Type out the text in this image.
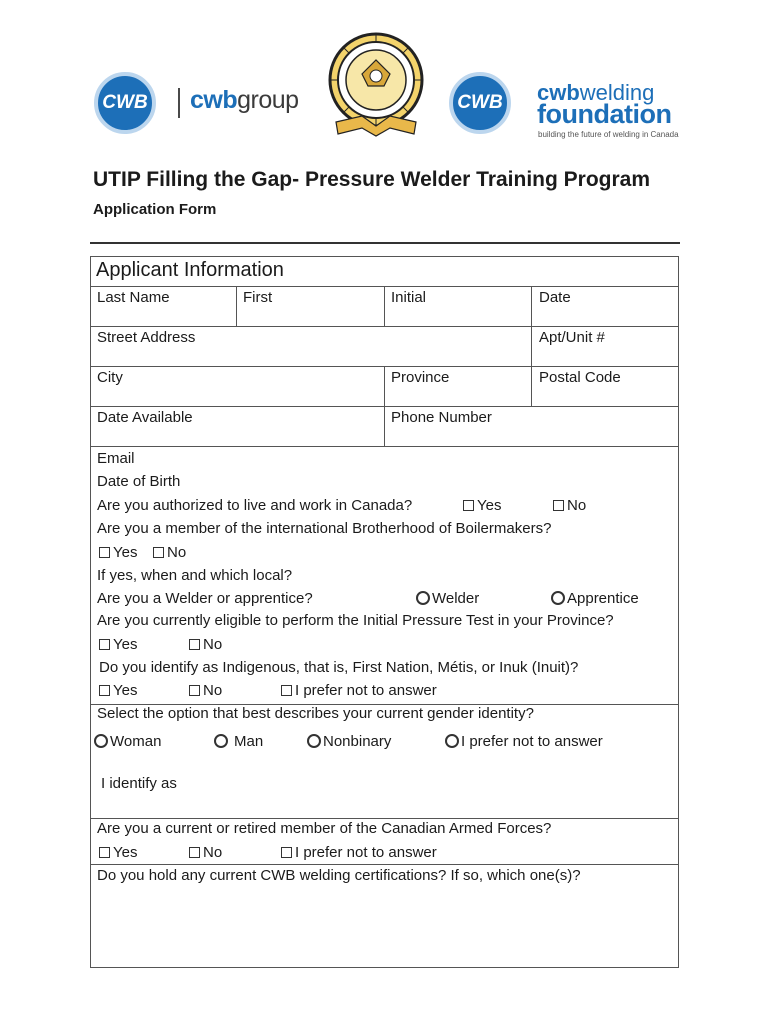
CWB	cwbgroup	CWB	cwbwelding
foundation
building the future of welding in Canada
UTIP Filling the Gap- Pressure Welder Training Program
Application Form
Applicant Information
Last Name	First	Initial	Date
Street Address	Apt/Unit #
City	Province	Postal Code
Date Available	Phone Number
Email
Date of Birth
Are you authorized to live and work in Canada?	Yes	No
Are you a member of the international Brotherhood of Boilermakers?
Yes	No
If yes, when and which local?
Are you a Welder or apprentice?	Welder	Apprentice
Are you currently eligible to perform the Initial Pressure Test in your Province?
Yes	No
Do you identify as Indigenous, that is, First Nation, Métis, or Inuk (Inuit)?
Yes	No	I prefer not to answer
Select the option that best describes your current gender identity?
Woman	Man	Nonbinary	I prefer not to answer
I identify as
Are you a current or retired member of the Canadian Armed Forces?
Yes	No	I prefer not to answer
Do you hold any current CWB welding certifications? If so, which one(s)?
